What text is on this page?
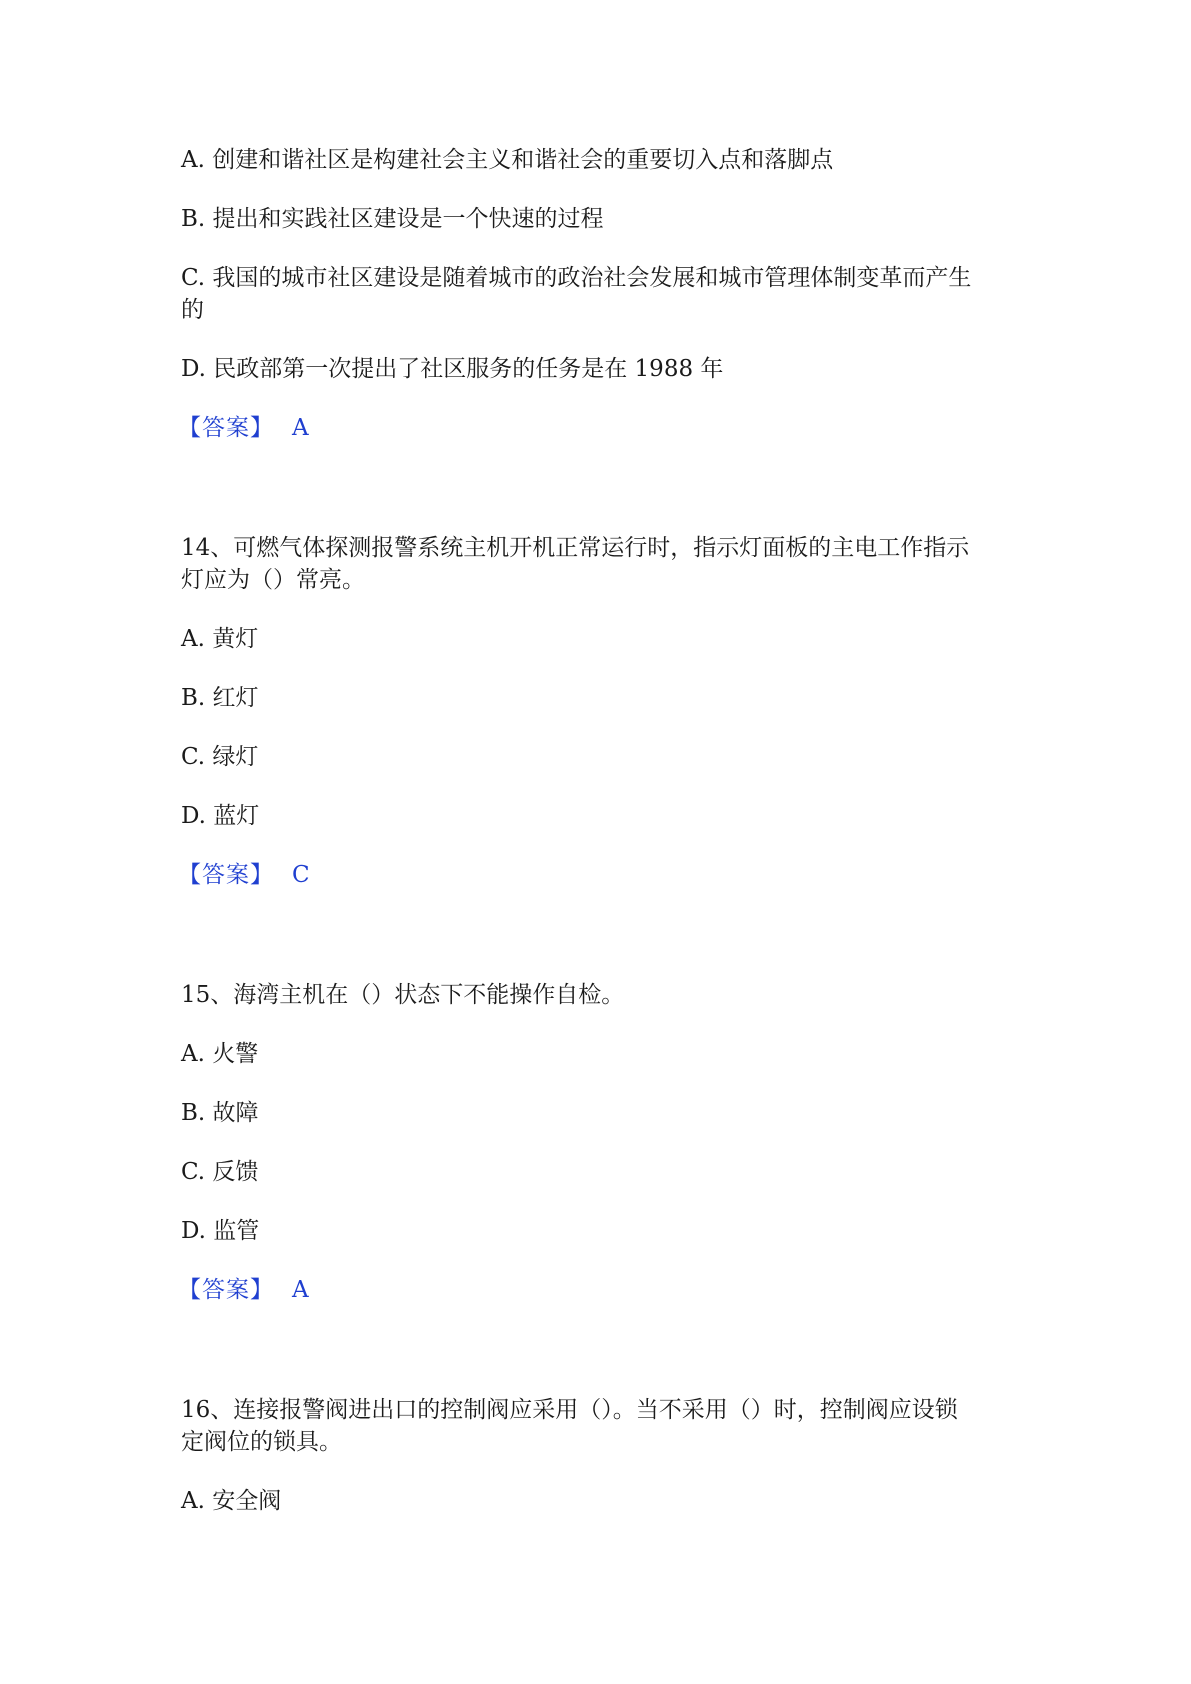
A. 创建和谐社区是构建社会主义和谐社会的重要切入点和落脚点
B. 提出和实践社区建设是一个快速的过程
C. 我国的城市社区建设是随着城市的政治社会发展和城市管理体制变革而产生
的
D. 民政部第一次提出了社区服务的任务是在 1988 年
【答案】 A
14、可燃气体探测报警系统主机开机正常运行时，指示灯面板的主电工作指示
灯应为（）常亮。
A. 黄灯
B. 红灯
C. 绿灯
D. 蓝灯
【答案】 C
15、海湾主机在（）状态下不能操作自检。
A. 火警
B. 故障
C. 反馈
D. 监管
【答案】 A
16、连接报警阀进出口的控制阀应采用（）。当不采用（）时，控制阀应设锁
定阀位的锁具。
A. 安全阀
